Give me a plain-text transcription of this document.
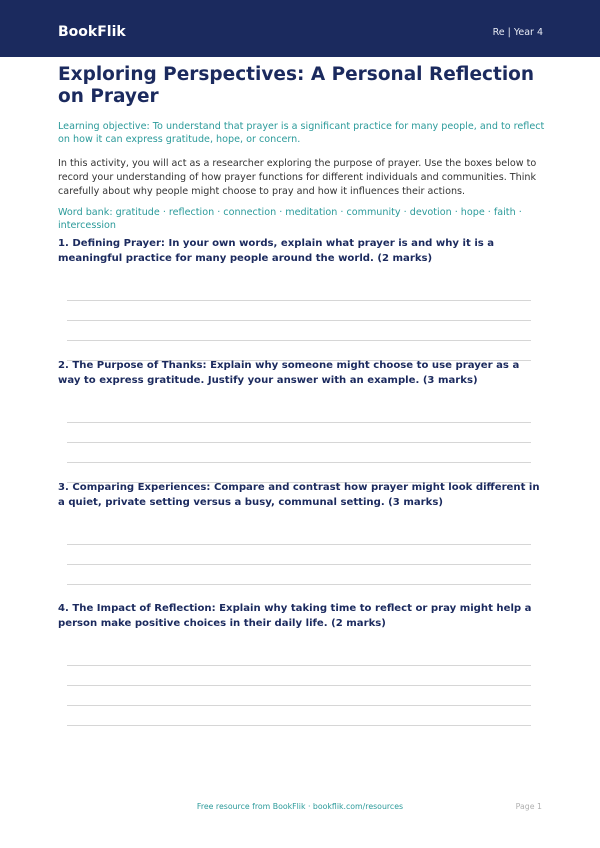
BookFlik	Re | Year 4
Exploring Perspectives: A Personal Reflection on Prayer
Learning objective: To understand that prayer is a significant practice for many people, and to reflect on how it can express gratitude, hope, or concern.
In this activity, you will act as a researcher exploring the purpose of prayer. Use the boxes below to record your understanding of how prayer functions for different individuals and communities. Think carefully about why people might choose to pray and how it influences their actions.
Word bank: gratitude · reflection · connection · meditation · community · devotion · hope · faith · intercession
1. Defining Prayer: In your own words, explain what prayer is and why it is a meaningful practice for many people around the world. (2 marks)
2. The Purpose of Thanks: Explain why someone might choose to use prayer as a way to express gratitude. Justify your answer with an example. (3 marks)
3. Comparing Experiences: Compare and contrast how prayer might look different in a quiet, private setting versus a busy, communal setting. (3 marks)
4. The Impact of Reflection: Explain why taking time to reflect or pray might help a person make positive choices in their daily life. (2 marks)
Free resource from BookFlik · bookflik.com/resources	Page 1
